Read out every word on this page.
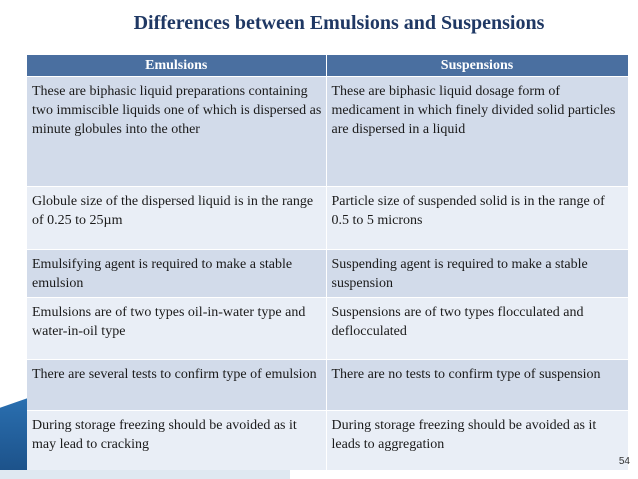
Differences between Emulsions and Suspensions
Emulsions	Suspensions
These are biphasic liquid preparations containing two immiscible liquids one of which is dispersed as minute globules into the other	These are biphasic liquid dosage form of medicament in which finely divided solid particles are dispersed in a liquid
Globule size of the dispersed liquid is in the range of 0.25 to 25µm	Particle size of suspended solid is in the range of 0.5 to 5 microns
Emulsifying agent is required to make a stable emulsion	Suspending agent is required to make a stable suspension
Emulsions are of two types oil-in-water type and water-in-oil type	Suspensions are of two types flocculated and deflocculated
There are several tests to confirm type of emulsion	There are no tests to confirm type of suspension
During storage freezing should be avoided as it may lead to cracking	During storage freezing should be avoided as it leads to aggregation
54
